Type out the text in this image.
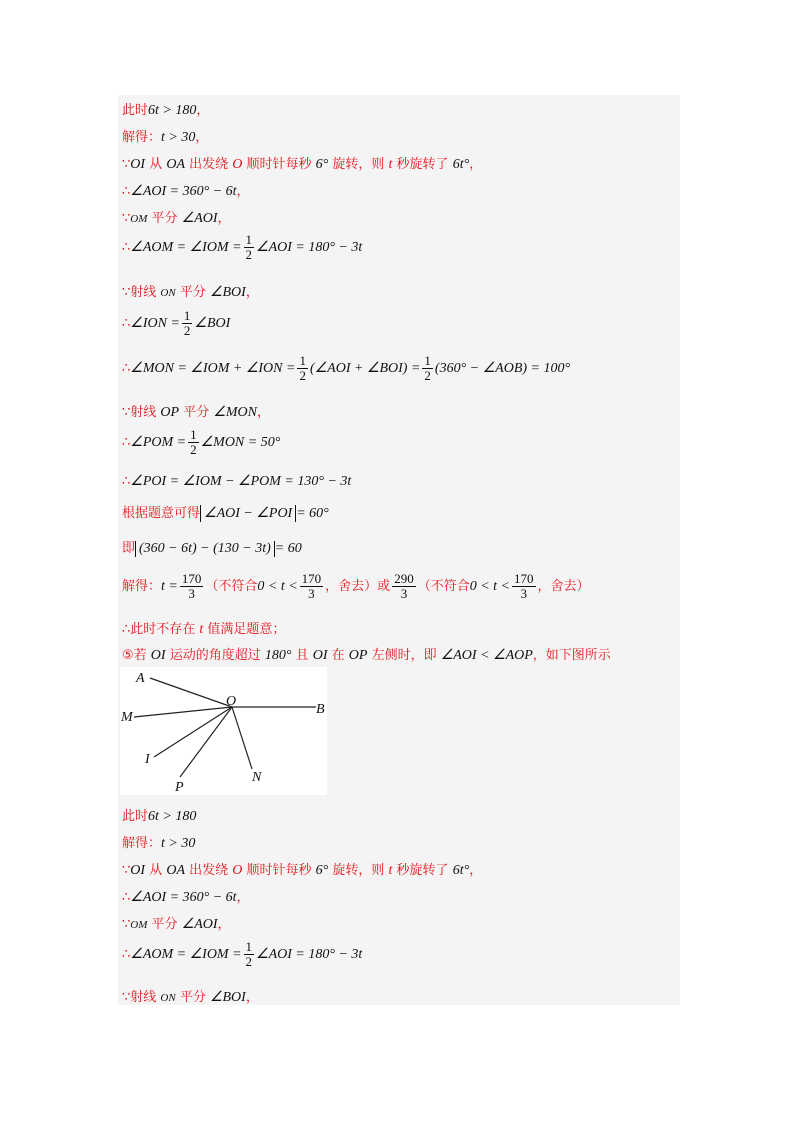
此时6t > 180，
解得：t > 30，
∵OI 从 OA 出发绕 O 顺时针每秒 6° 旋转，则 t 秒旋转了 6t°，
∴∠AOI = 360° − 6t，
∵OM 平分 ∠AOI，
∴∠AOM = ∠IOM = $\frac{1}{2}$ ∠AOI = 180° − 3t
∵射线 ON 平分 ∠BOI，
∴∠ION = $\frac{1}{2}$ ∠BOI
∴∠MON = ∠IOM + ∠ION = $\frac{1}{2}$ (∠AOI + ∠BOI) = $\frac{1}{2} (360^\circ$ − ∠AOB) = 100°
∵射线 OP 平分 ∠MON，
∴∠POM = $\frac{1}{2}$ ∠MON = 50°
∴∠POI = ∠IOM − ∠POM = 130° − 3t
根据题意可得 ∠AOI − ∠POI = 60°
即 (360 − 6t) − (130 − 3t) = 60
解得：$t = \frac{170}{3}$ （不符合$0 < t < \frac{170}{3}$ ，舍去）或 $\frac{290}{3}$ （不符合$0 < t < \frac{170}{3}$ ，舍去）
∴此时不存在 t 值满足题意；
⑤若 OI 运动的角度超过 180° 且 OI 在 OP 左侧时，即 ∠AOI < ∠AOP，如下图所示
A
M
I
P
N
O
B
此时6t > 180
解得：t > 30
∵OI 从 OA 出发绕 O 顺时针每秒 6° 旋转，则 t 秒旋转了 6t°，
∴∠AOI = 360° − 6t，
∵OM 平分 ∠AOI，
∴∠AOM = ∠IOM = $\frac{1}{2}$ ∠AOI = 180° − 3t
∵射线 ON 平分 ∠BOI，
